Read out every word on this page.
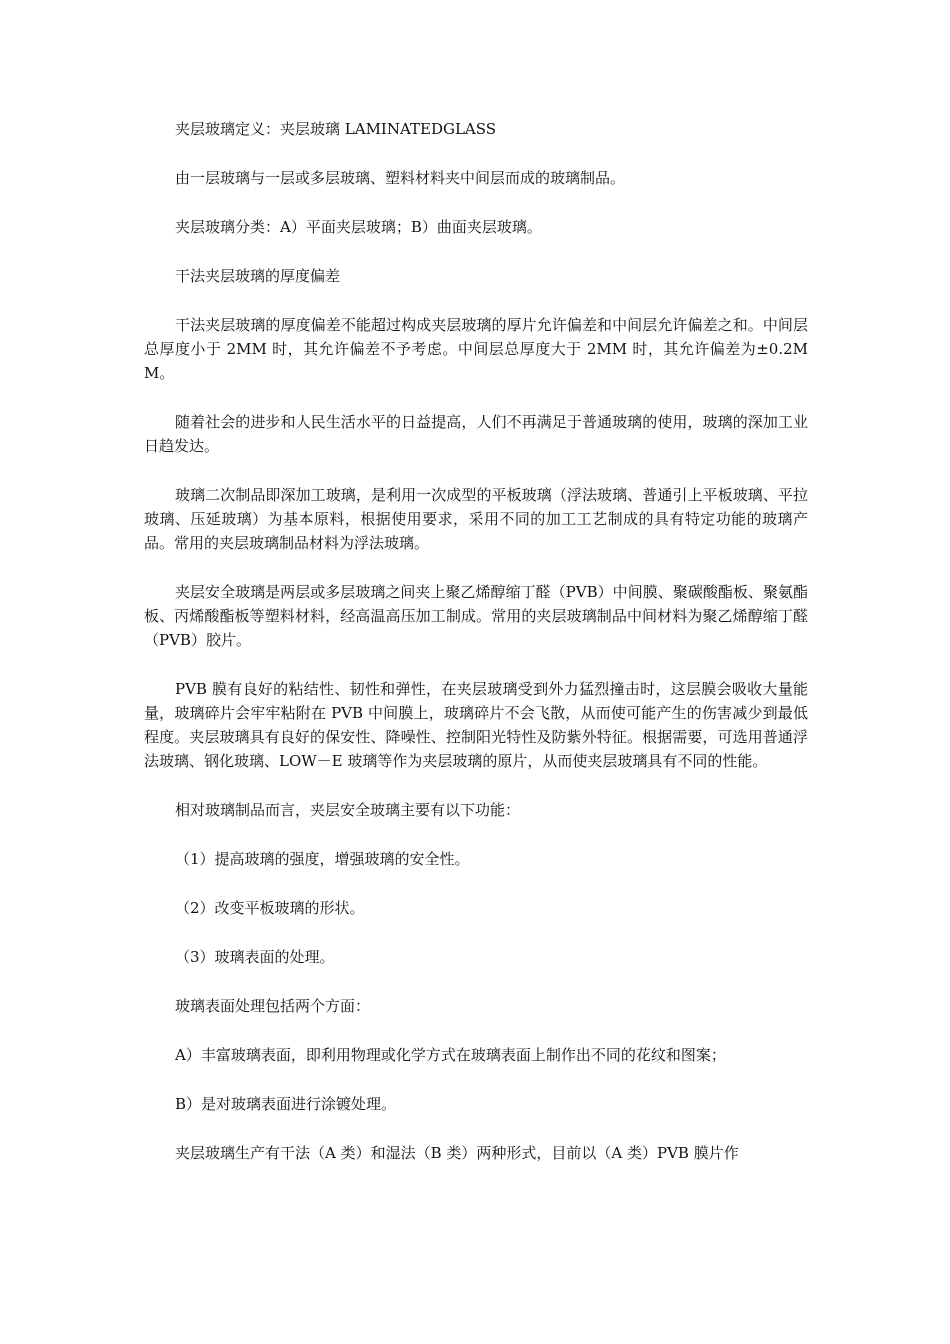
夹层玻璃定义：夹层玻璃 LAMINATEDGLASS

由一层玻璃与一层或多层玻璃、塑料材料夹中间层而成的玻璃制品。

夹层玻璃分类：A）平面夹层玻璃；B）曲面夹层玻璃。

干法夹层玻璃的厚度偏差

干法夹层玻璃的厚度偏差不能超过构成夹层玻璃的厚片允许偏差和中间层允许偏差之和。中间层总厚度小于 2MM 时，其允许偏差不予考虑。中间层总厚度大于 2MM 时，其允许偏差为±0.2MM。

随着社会的进步和人民生活水平的日益提高，人们不再满足于普通玻璃的使用，玻璃的深加工业日趋发达。

玻璃二次制品即深加工玻璃，是利用一次成型的平板玻璃（浮法玻璃、普通引上平板玻璃、平拉玻璃、压延玻璃）为基本原料，根据使用要求，采用不同的加工工艺制成的具有特定功能的玻璃产品。常用的夹层玻璃制品材料为浮法玻璃。

夹层安全玻璃是两层或多层玻璃之间夹上聚乙烯醇缩丁醛（PVB）中间膜、聚碳酸酯板、聚氨酯板、丙烯酸酯板等塑料材料，经高温高压加工制成。常用的夹层玻璃制品中间材料为聚乙烯醇缩丁醛（PVB）胶片。

PVB 膜有良好的粘结性、韧性和弹性，在夹层玻璃受到外力猛烈撞击时，这层膜会吸收大量能量，玻璃碎片会牢牢粘附在 PVB 中间膜上，玻璃碎片不会飞散，从而使可能产生的伤害减少到最低程度。夹层玻璃具有良好的保安性、降噪性、控制阳光特性及防紫外特征。根据需要，可选用普通浮法玻璃、钢化玻璃、LOW－E 玻璃等作为夹层玻璃的原片，从而使夹层玻璃具有不同的性能。

相对玻璃制品而言，夹层安全玻璃主要有以下功能：

（1）提高玻璃的强度，增强玻璃的安全性。

（2）改变平板玻璃的形状。

（3）玻璃表面的处理。

玻璃表面处理包括两个方面：

A）丰富玻璃表面，即利用物理或化学方式在玻璃表面上制作出不同的花纹和图案；

B）是对玻璃表面进行涂镀处理。

夹层玻璃生产有干法（A 类）和湿法（B 类）两种形式，目前以（A 类）PVB 膜片作
